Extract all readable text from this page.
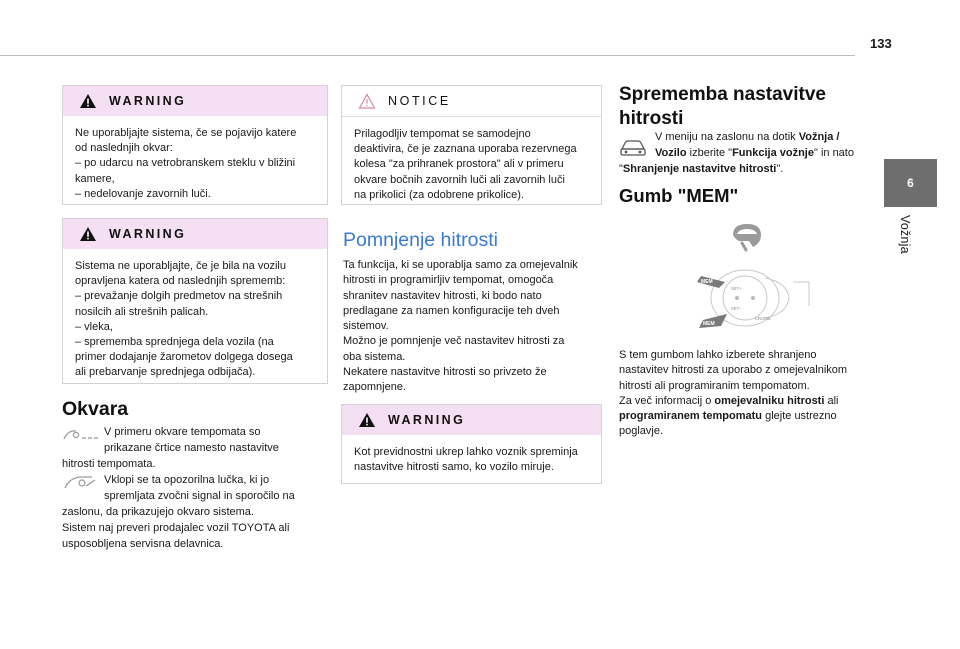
133
6
Vožnja
WARNING
Ne uporabljajte sistema, če se pojavijo katere
od naslednjih okvar:
– po udarcu na vetrobranskem steklu v bližini
kamere,
– nedelovanje zavornih luči.
WARNING
Sistema ne uporabljajte, če je bila na vozilu
opravljena katera od naslednjih sprememb:
– prevažanje dolgih predmetov na strešnih
nosilcih ali strešnih palicah.
– vleka,
– sprememba sprednjega dela vozila (na
primer dodajanje žarometov dolgega dosega
ali prebarvanje sprednjega odbijača).
Okvara
V primeru okvare tempomata so
prikazane črtice namesto nastavitve
hitrosti tempomata.
Vklopi se ta opozorilna lučka, ki jo
spremljata zvočni signal in sporočilo na
zaslonu, da prikazujejo okvaro sistema.
Sistem naj preveri prodajalec vozil TOYOTA ali
usposobljena servisna delavnica.
NOTICE
Prilagodljiv tempomat se samodejno
deaktivira, če je zaznana uporaba rezervnega
kolesa "za prihranek prostora" ali v primeru
okvare bočnih zavornih luči ali zavornih luči
na prikolici (za odobrene prikolice).
Pomnjenje hitrosti
Ta funkcija, ki se uporablja samo za omejevalnik
hitrosti in programirljiv tempomat, omogoča
shranitev nastavitev hitrosti, ki bodo nato
predlagane za namen konfiguracije teh dveh
sistemov.
Možno je pomnjenje več nastavitev hitrosti za
oba sistema.
Nekatere nastavitve hitrosti so privzeto že
zapomnjene.
WARNING
Kot previdnostni ukrep lahko voznik spreminja
nastavitve hitrosti samo, ko vozilo miruje.
Sprememba nastavitve
hitrosti
V meniju na zaslonu na dotik Vožnja /
Vozilo izberite "Funkcija vožnje" in nato
"Shranjenje nastavitve hitrosti".
Gumb "MEM"
MEM
MEM
SET+
SET–
CRUISE
S tem gumbom lahko izberete shranjeno
nastavitev hitrosti za uporabo z omejevalnikom
hitrosti ali programiranim tempomatom.
Za več informacij o omejevalniku hitrosti ali
programiranem tempomatu glejte ustrezno
poglavje.
